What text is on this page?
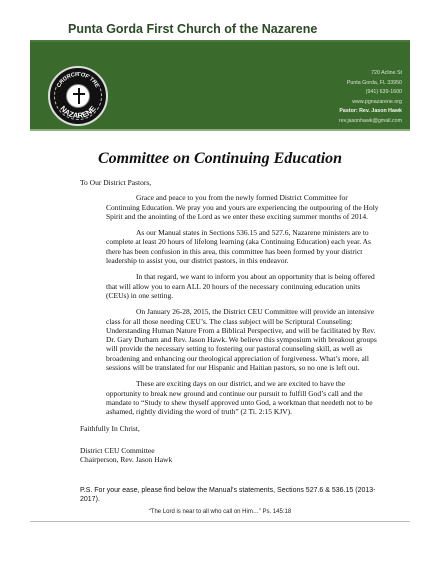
Punta Gorda First Church of the Nazarene
CHURCH OF THE
NAZARENE
720 Acline St
Punta Gorda, FL 33950
(941) 639-1600
www.pgnazarene.org
Pastor: Rev. Jason Hawk
rev.jasonhawk@gmail.com
Committee on Continuing Education

To Our District Pastors,

Grace and peace to you from the newly formed District Committee for Continuing Education. We pray you and yours are experiencing the outpouring of the Holy Spirit and the anointing of the Lord as we enter these exciting summer months of 2014.

As our Manual states in Sections 536.15 and 527.6, Nazarene ministers are to complete at least 20 hours of lifelong learning (aka Continuing Education) each year. As there has been confusion in this area, this committee has been formed by your district leadership to assist you, our district pastors, in this endeavor.

In that regard, we want to inform you about an opportunity that is being offered that will allow you to earn ALL 20 hours of the necessary continuing education units (CEUs) in one setting.

On January 26-28, 2015, the District CEU Committee will provide an intensive class for all those needing CEU’s. The class subject will be Scriptural Counseling: Understanding Human Nature From a Biblical Perspective, and will be facilitated by Rev. Dr. Gary Durham and Rev. Jason Hawk. We believe this symposium with breakout groups will provide the necessary setting to fostering our pastoral counseling skill, as well as broadening and enhancing our theological appreciation of forgiveness. What’s more, all sessions will be translated for our Hispanic and Haitian pastors, so no one is left out.

These are exciting days on our district, and we are excited to have the opportunity to break new ground and continue our pursuit to fulfill God’s call and the mandate to “Study to shew thyself approved unto God, a workman that needeth not to be ashamed, rightly dividing the word of truth” (2 Ti. 2:15 KJV).

Faithfully In Christ,

District CEU Committee

Chairperson, Rev. Jason Hawk

P.S. For your ease, please find below the Manual’s statements, Sections 527.6 & 536.15 (2013-2017).
“The Lord is near to all who call on Him…” Ps. 145:18
